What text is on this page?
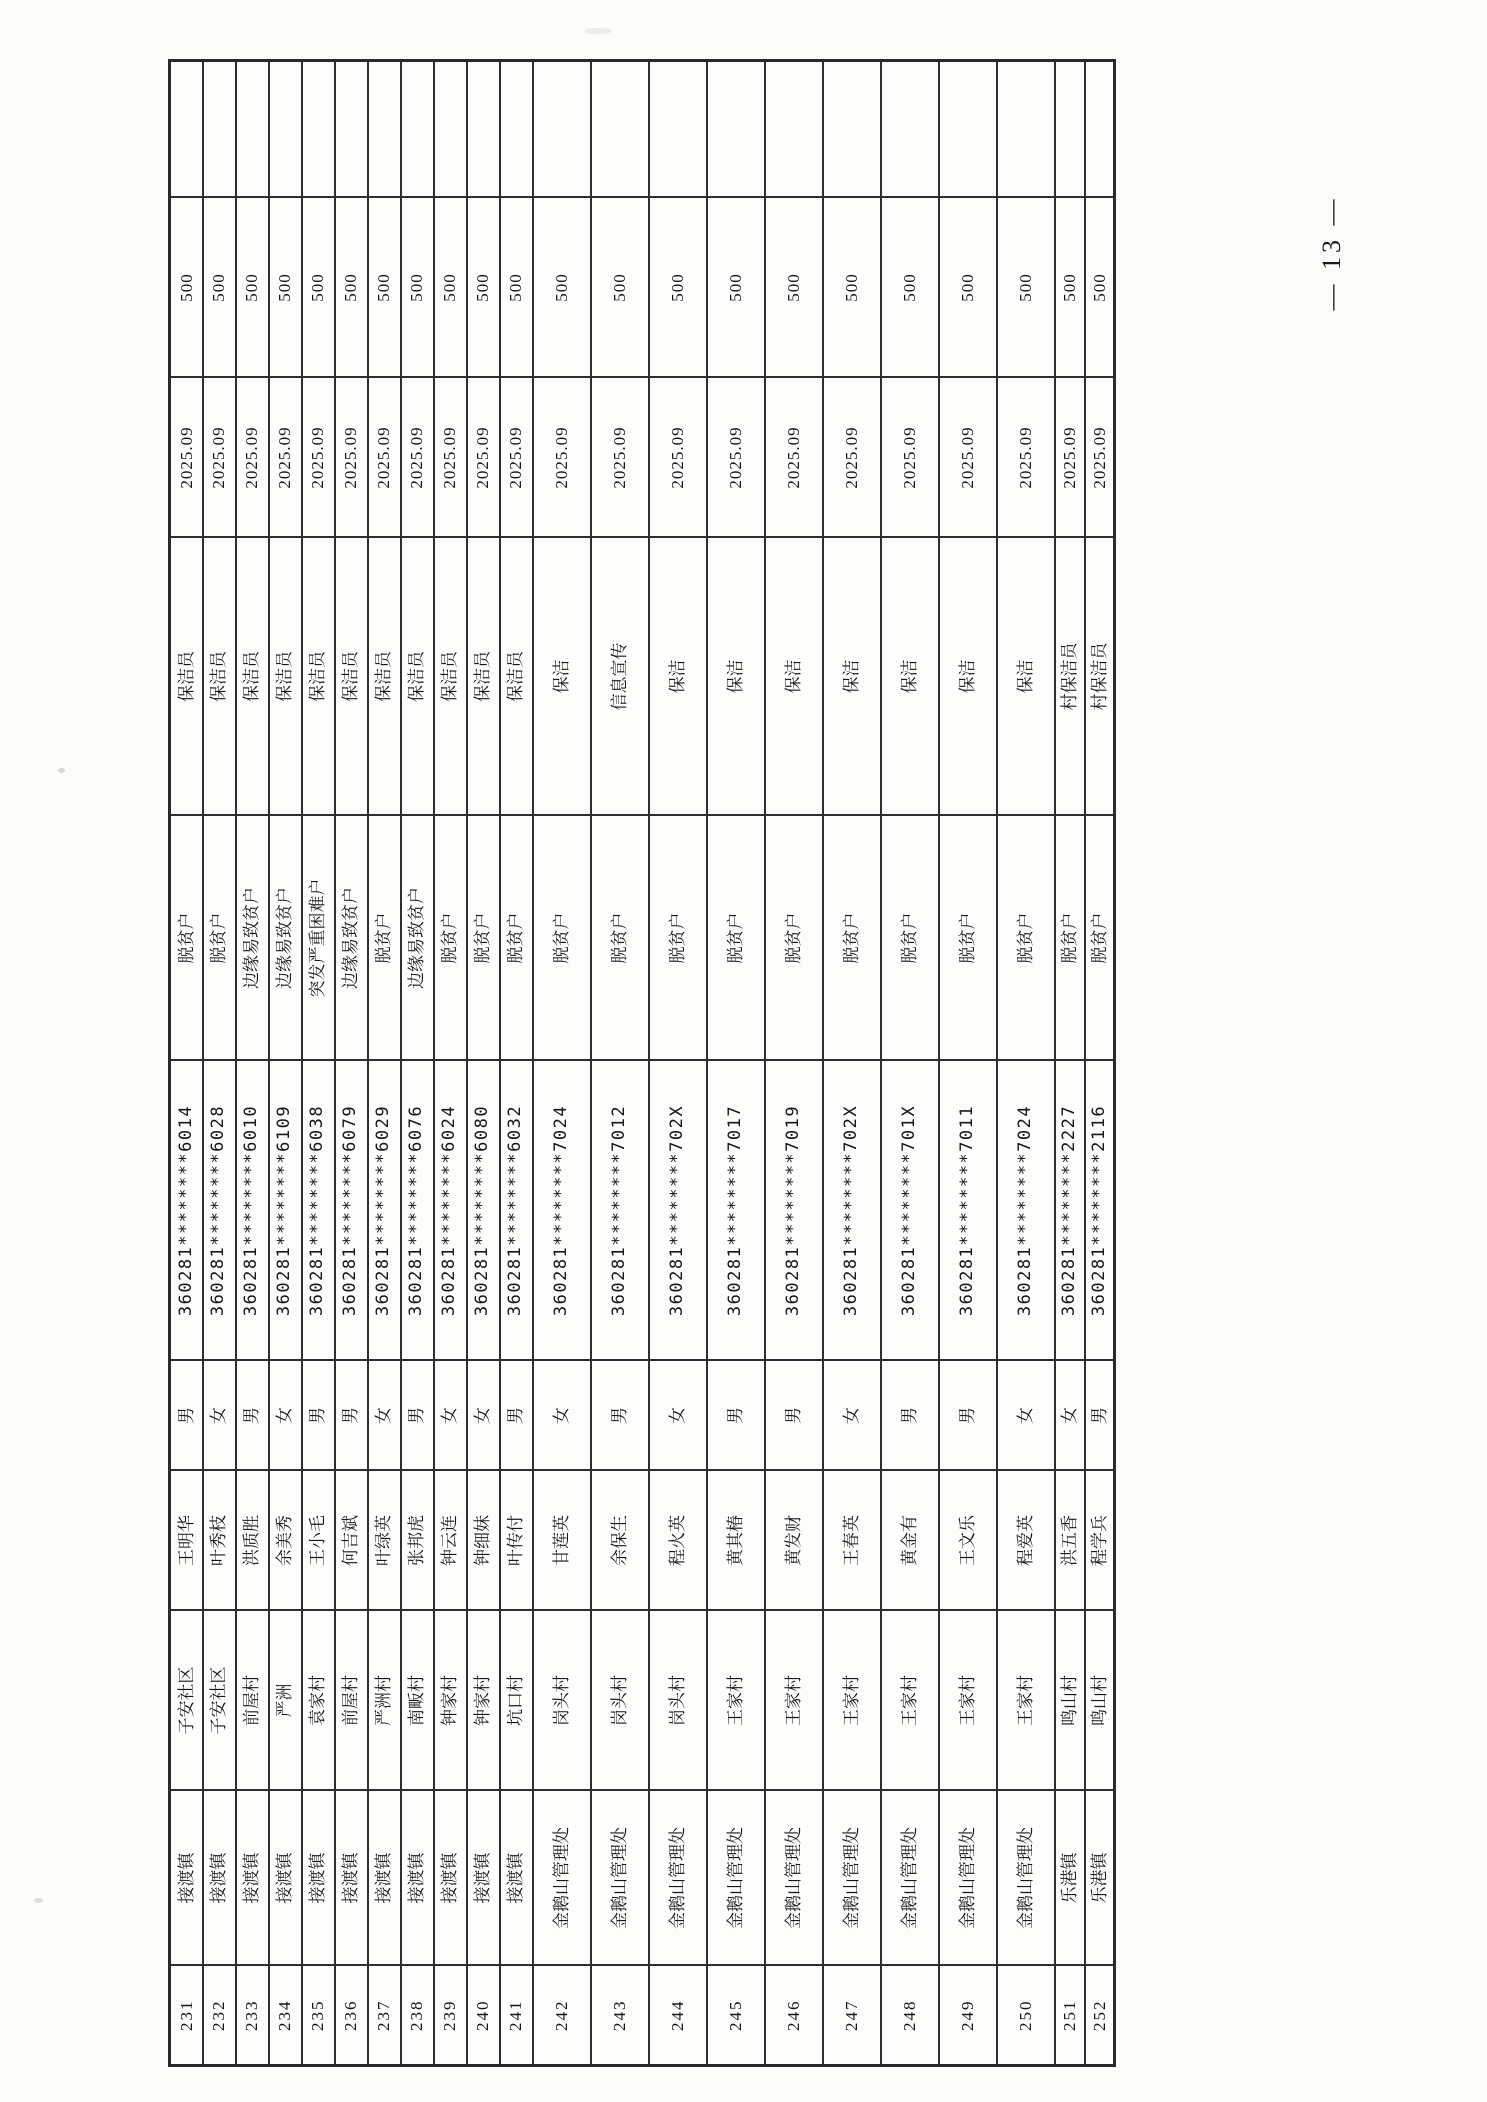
231	接渡镇	子安社区	王明华	男	360281********6014	脱贫户	保洁员	2025.09	500	
232	接渡镇	子安社区	叶秀枝	女	360281********6028	脱贫户	保洁员	2025.09	500	
233	接渡镇	前屋村	洪质胜	男	360281********6010	边缘易致贫户	保洁员	2025.09	500	
234	接渡镇	严洲	余美秀	女	360281********6109	边缘易致贫户	保洁员	2025.09	500	
235	接渡镇	袁家村	王小毛	男	360281********6038	突发严重困难户	保洁员	2025.09	500	
236	接渡镇	前屋村	何吉斌	男	360281********6079	边缘易致贫户	保洁员	2025.09	500	
237	接渡镇	严洲村	叶绿英	女	360281********6029	脱贫户	保洁员	2025.09	500	
238	接渡镇	南畈村	张邦虎	男	360281********6076	边缘易致贫户	保洁员	2025.09	500	
239	接渡镇	钟家村	钟云连	女	360281********6024	脱贫户	保洁员	2025.09	500	
240	接渡镇	钟家村	钟细妹	女	360281********6080	脱贫户	保洁员	2025.09	500	
241	接渡镇	坑口村	叶传付	男	360281********6032	脱贫户	保洁员	2025.09	500	
242	金鹅山管理处	岗头村	甘莲英	女	360281********7024	脱贫户	保洁	2025.09	500	
243	金鹅山管理处	岗头村	余保生	男	360281********7012	脱贫户	信息宣传	2025.09	500	
244	金鹅山管理处	岗头村	程火英	女	360281********702X	脱贫户	保洁	2025.09	500	
245	金鹅山管理处	王家村	黄其椿	男	360281********7017	脱贫户	保洁	2025.09	500	
246	金鹅山管理处	王家村	黄发财	男	360281********7019	脱贫户	保洁	2025.09	500	
247	金鹅山管理处	王家村	王春英	女	360281********702X	脱贫户	保洁	2025.09	500	
248	金鹅山管理处	王家村	黄金有	男	360281********701X	脱贫户	保洁	2025.09	500	
249	金鹅山管理处	王家村	王文乐	男	360281********7011	脱贫户	保洁	2025.09	500	
250	金鹅山管理处	王家村	程爱英	女	360281********7024	脱贫户	保洁	2025.09	500	
251	乐港镇	鸣山村	洪五香	女	360281********2227	脱贫户	村保洁员	2025.09	500	
252	乐港镇	鸣山村	程学兵	男	360281********2116	脱贫户	村保洁员	2025.09	500		— 13 —
